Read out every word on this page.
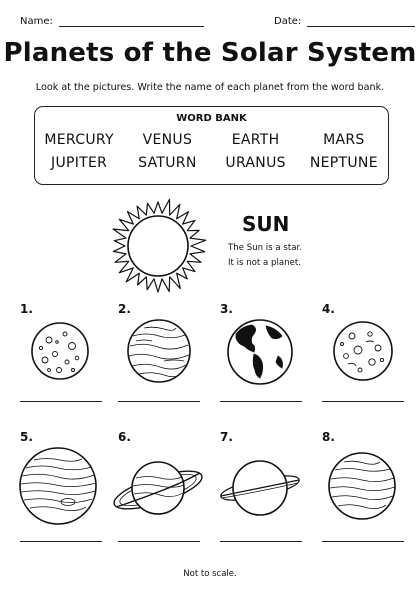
Name:	Date:
Planets of the Solar System
Look at the pictures. Write the name of each planet from the word bank.
WORD BANK
MERCURY	VENUS	EARTH	MARS
JUPITER	SATURN	URANUS	NEPTUNE
SUN
The Sun is a star.
It is not a planet.
1.	2.	3.	4.
5.	6.	7.	8.
Not to scale.
